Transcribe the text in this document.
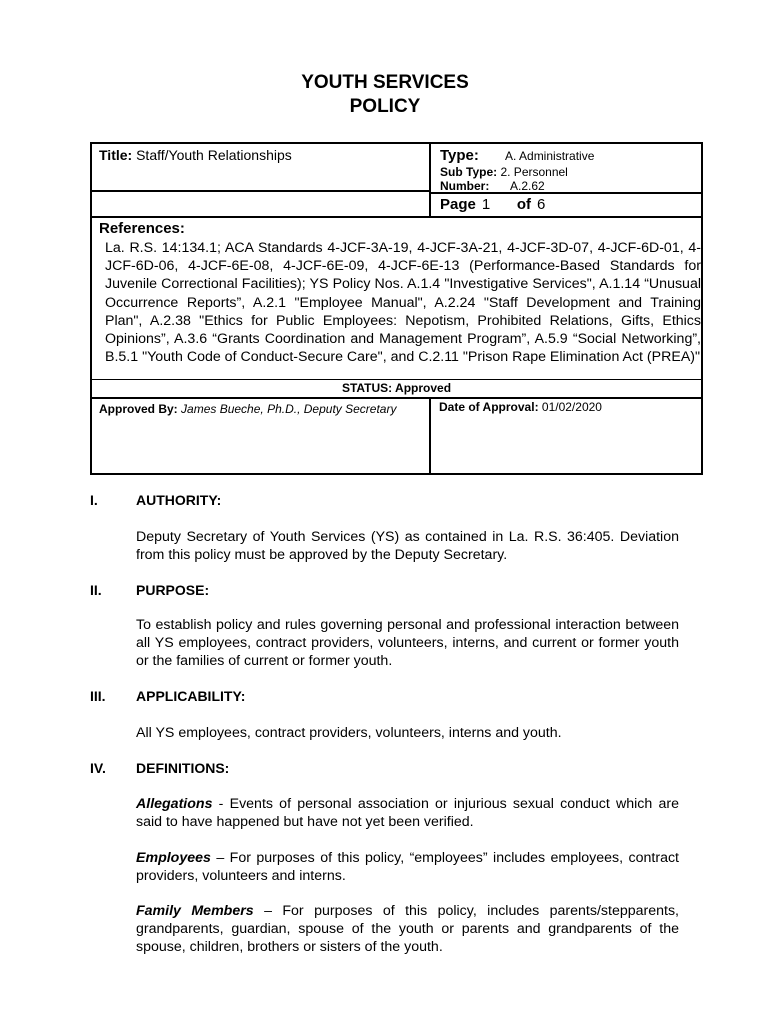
YOUTH SERVICES
POLICY
Title: Staff/Youth Relationships	Type: A. Administrative
Sub Type: 2. Personnel
Number: A.2.62
Page 1 of 6
References:
La. R.S. 14:134.1; ACA Standards 4-JCF-3A-19, 4-JCF-3A-21, 4-JCF-3D-07, 4-JCF-6D-01, 4-JCF-6D-06, 4-JCF-6E-08, 4-JCF-6E-09, 4-JCF-6E-13 (Performance-Based Standards for Juvenile Correctional Facilities); YS Policy Nos. A.1.4 "Investigative Services", A.1.14 “Unusual Occurrence Reports”, A.2.1 "Employee Manual", A.2.24 "Staff Development and Training Plan", A.2.38 "Ethics for Public Employees: Nepotism, Prohibited Relations, Gifts, Ethics Opinions”, A.3.6 “Grants Coordination and Management Program”, A.5.9 “Social Networking”, B.5.1 "Youth Code of Conduct-Secure Care", and C.2.11 "Prison Rape Elimination Act (PREA)"
STATUS: Approved
Approved By: James Bueche, Ph.D., Deputy Secretary	Date of Approval: 01/02/2020
I.	AUTHORITY:
Deputy Secretary of Youth Services (YS) as contained in La. R.S. 36:405. Deviation from this policy must be approved by the Deputy Secretary.
II. PURPOSE:
To establish policy and rules governing personal and professional interaction between all YS employees, contract providers, volunteers, interns, and current or former youth or the families of current or former youth.
III. APPLICABILITY:
All YS employees, contract providers, volunteers, interns and youth.
IV. DEFINITIONS:
Allegations - Events of personal association or injurious sexual conduct which are said to have happened but have not yet been verified.
Employees – For purposes of this policy, “employees” includes employees, contract providers, volunteers and interns.
Family Members – For purposes of this policy, includes parents/stepparents, grandparents, guardian, spouse of the youth or parents and grandparents of the spouse, children, brothers or sisters of the youth.
